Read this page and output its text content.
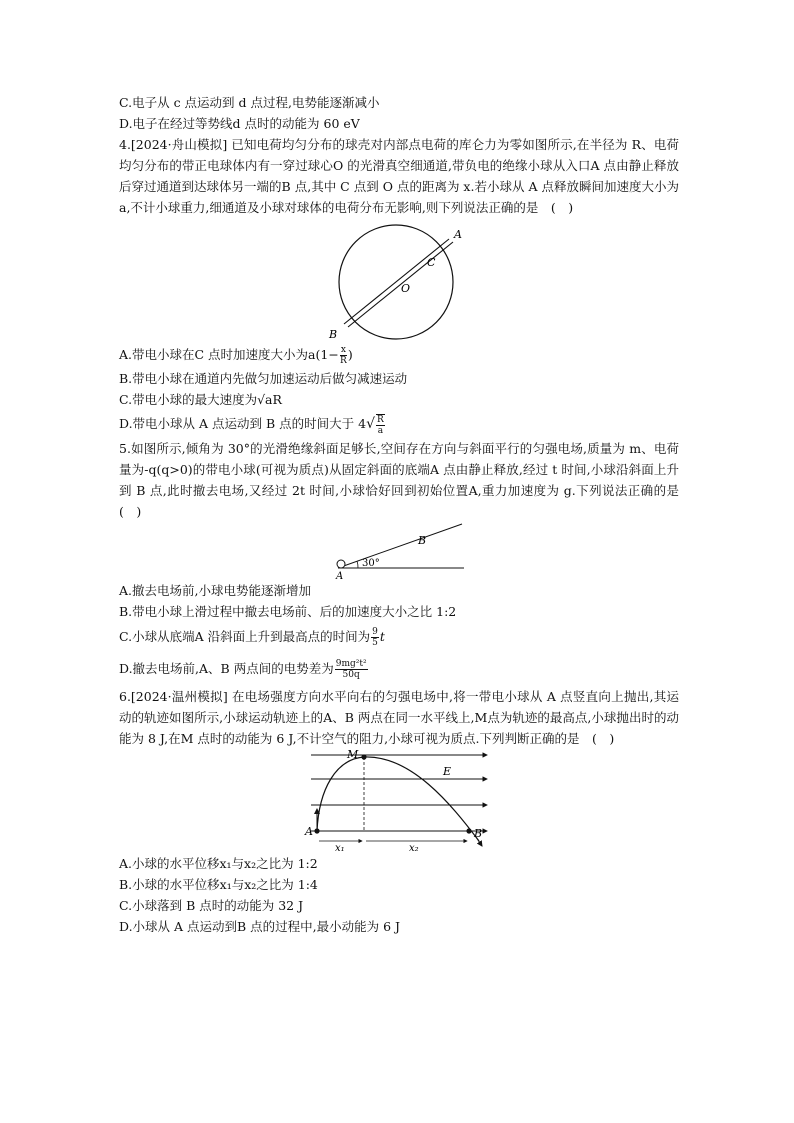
C.电子从 c 点运动到 d 点过程,电势能逐渐减小
D.电子在经过等势线d 点时的动能为 60 eV
4.[2024·舟山模拟] 已知电荷均匀分布的球壳对内部点电荷的库仑力为零如图所示,在半径为 R、电荷均匀分布的带正电球体内有一穿过球心O 的光滑真空细通道,带负电的绝缘小球从入口A 点由静止释放后穿过通道到达球体另一端的B 点,其中 C 点到 O 点的距离为 x.若小球从 A 点释放瞬间加速度大小为a,不计小球重力,细通道及小球对球体的电荷分布无影响,则下列说法正确的是　(　)
A
C
O
B
A.带电小球在C 点时加速度大小为$a(1- \frac{x}{R}$ )
B.带电小球在通道内先做匀加速运动后做匀减速运动
C.带电小球的最大速度为√aR
D.带电小球从 A 点运动到 B 点的时间大于 $4√ \frac{R}{a}$
5.如图所示,倾角为 30°的光滑绝缘斜面足够长,空间存在方向与斜面平行的匀强电场,质量为 m、电荷量为-q(q>0)的带电小球(可视为质点)从固定斜面的底端A 点由静止释放,经过 t 时间,小球沿斜面上升到 B 点,此时撤去电场,又经过 2t 时间,小球恰好回到初始位置A,重力加速度为 g.下列说法正确的是(　)
30°
B
A
A.撤去电场前,小球电势能逐渐增加
B.带电小球上滑过程中撤去电场前、后的加速度大小之比 1:2
C.小球从底端A 沿斜面上升到最高点的时间为 $\frac{9}{5}$ t
D.撤去电场前,A、B 两点间的电势差为 $\frac{\text{9mg²t²}}{50q}$
6.[2024·温州模拟] 在电场强度方向水平向右的匀强电场中,将一带电小球从 A 点竖直向上抛出,其运动的轨迹如图所示,小球运动轨迹上的A、B 两点在同一水平线上,M点为轨迹的最高点,小球抛出时的动能为 8 J,在M 点时的动能为 6 J,不计空气的阻力,小球可视为质点.下列判断正确的是　(　)
M
E
A	B
x₁	x₂
A.小球的水平位移x₁与x₂之比为 1:2
B.小球的水平位移x₁与x₂之比为 1:4
C.小球落到 B 点时的动能为 32 J
D.小球从 A 点运动到B 点的过程中,最小动能为 6 J
